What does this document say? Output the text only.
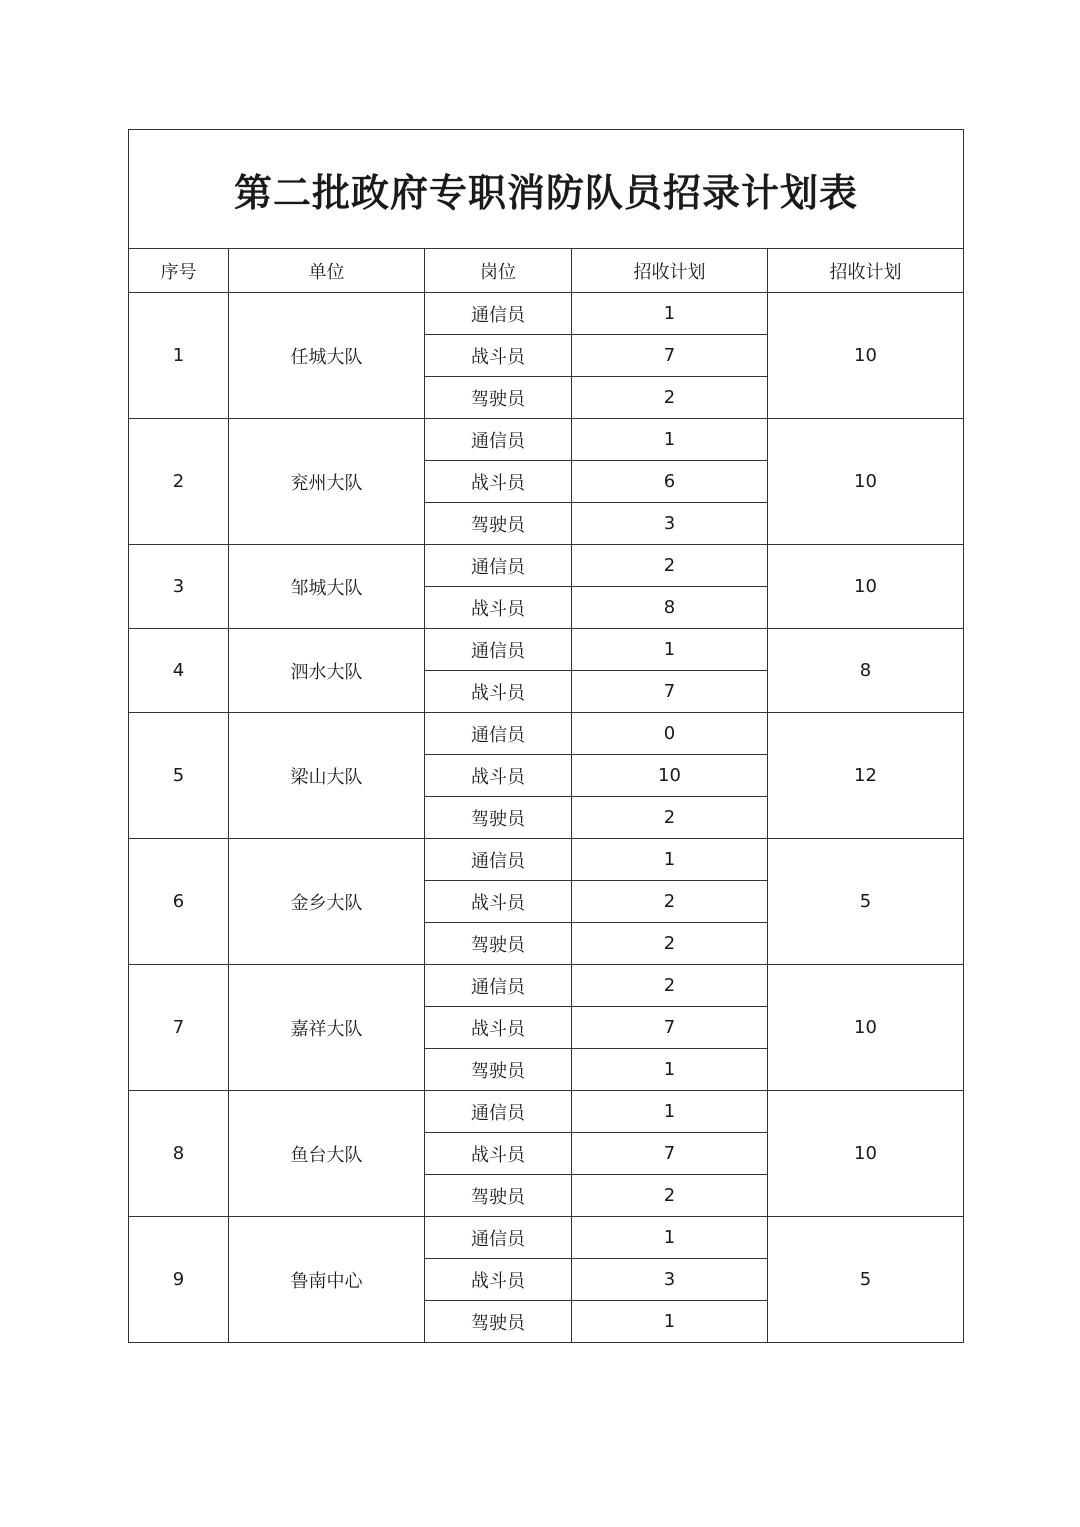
第二批政府专职消防队员招录计划表				
序号	单位	岗位	招收计划	招收计划
1	任城大队	通信员	1	10
		战斗员	7	
		驾驶员	2	
2	兖州大队	通信员	1	10
		战斗员	6	
		驾驶员	3	
3	邹城大队	通信员	2	10
		战斗员	8	
4	泗水大队	通信员	1	8
		战斗员	7	
5	梁山大队	通信员	0	12
		战斗员	10	
		驾驶员	2	
6	金乡大队	通信员	1	5
		战斗员	2	
		驾驶员	2	
7	嘉祥大队	通信员	2	10
		战斗员	7	
		驾驶员	1	
8	鱼台大队	通信员	1	10
		战斗员	7	
		驾驶员	2	
9	鲁南中心	通信员	1	5
		战斗员	3	
		驾驶员	1	
